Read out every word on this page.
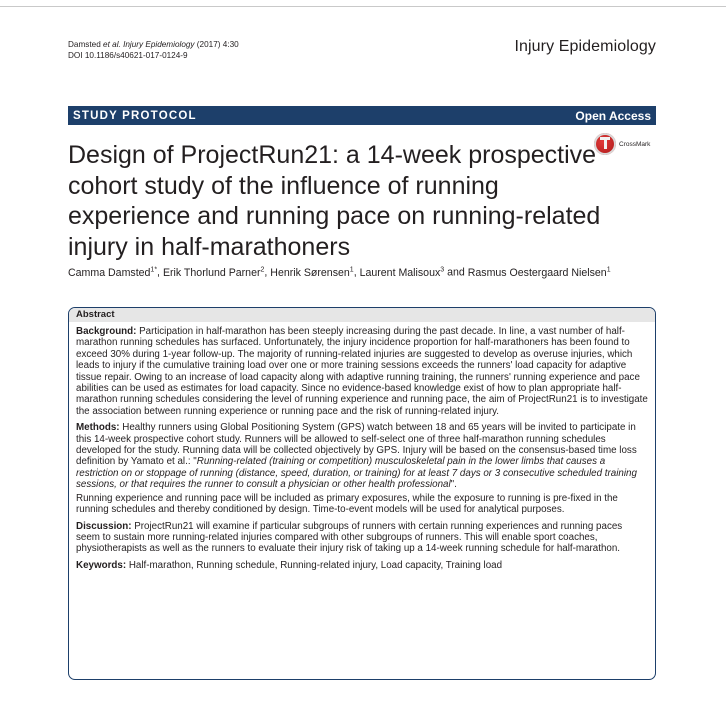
Damsted et al. Injury Epidemiology (2017) 4:30
DOI 10.1186/s40621-017-0124-9
Injury Epidemiology
STUDY PROTOCOL	Open Access
CrossMark
Design of ProjectRun21: a 14-week prospective cohort study of the influence of running experience and running pace on running-related injury in half-marathoners
Camma Damsted$^{1*}$, Erik Thorlund Parner$^2$, Henrik Sørensen$^1$, Laurent Malisoux$^3$ and Rasmus Oestergaard Nielsen$^1$
Abstract

Background: Participation in half-marathon has been steeply increasing during the past decade. In line, a vast number of half-marathon running schedules has surfaced. Unfortunately, the injury incidence proportion for half-marathoners has been found to exceed 30% during 1-year follow-up. The majority of running-related injuries are suggested to develop as overuse injuries, which leads to injury if the cumulative training load over one or more training sessions exceeds the runners' load capacity for adaptive tissue repair. Owing to an increase of load capacity along with adaptive running training, the runners' running experience and pace abilities can be used as estimates for load capacity. Since no evidence-based knowledge exist of how to plan appropriate half-marathon running schedules considering the level of running experience and running pace, the aim of ProjectRun21 is to investigate the association between running experience or running pace and the risk of running-related injury.

Methods: Healthy runners using Global Positioning System (GPS) watch between 18 and 65 years will be invited to participate in this 14-week prospective cohort study. Runners will be allowed to self-select one of three half-marathon running schedules developed for the study. Running data will be collected objectively by GPS. Injury will be based on the consensus-based time loss definition by Yamato et al.: "Running-related (training or competition) musculoskeletal pain in the lower limbs that causes a restriction on or stoppage of running (distance, speed, duration, or training) for at least 7 days or 3 consecutive scheduled training sessions, or that requires the runner to consult a physician or other health professional".

Running experience and running pace will be included as primary exposures, while the exposure to running is pre-fixed in the running schedules and thereby conditioned by design. Time-to-event models will be used for analytical purposes.

Discussion: ProjectRun21 will examine if particular subgroups of runners with certain running experiences and running paces seem to sustain more running-related injuries compared with other subgroups of runners. This will enable sport coaches, physiotherapists as well as the runners to evaluate their injury risk of taking up a 14-week running schedule for half-marathon.

Keywords: Half-marathon, Running schedule, Running-related injury, Load capacity, Training load
